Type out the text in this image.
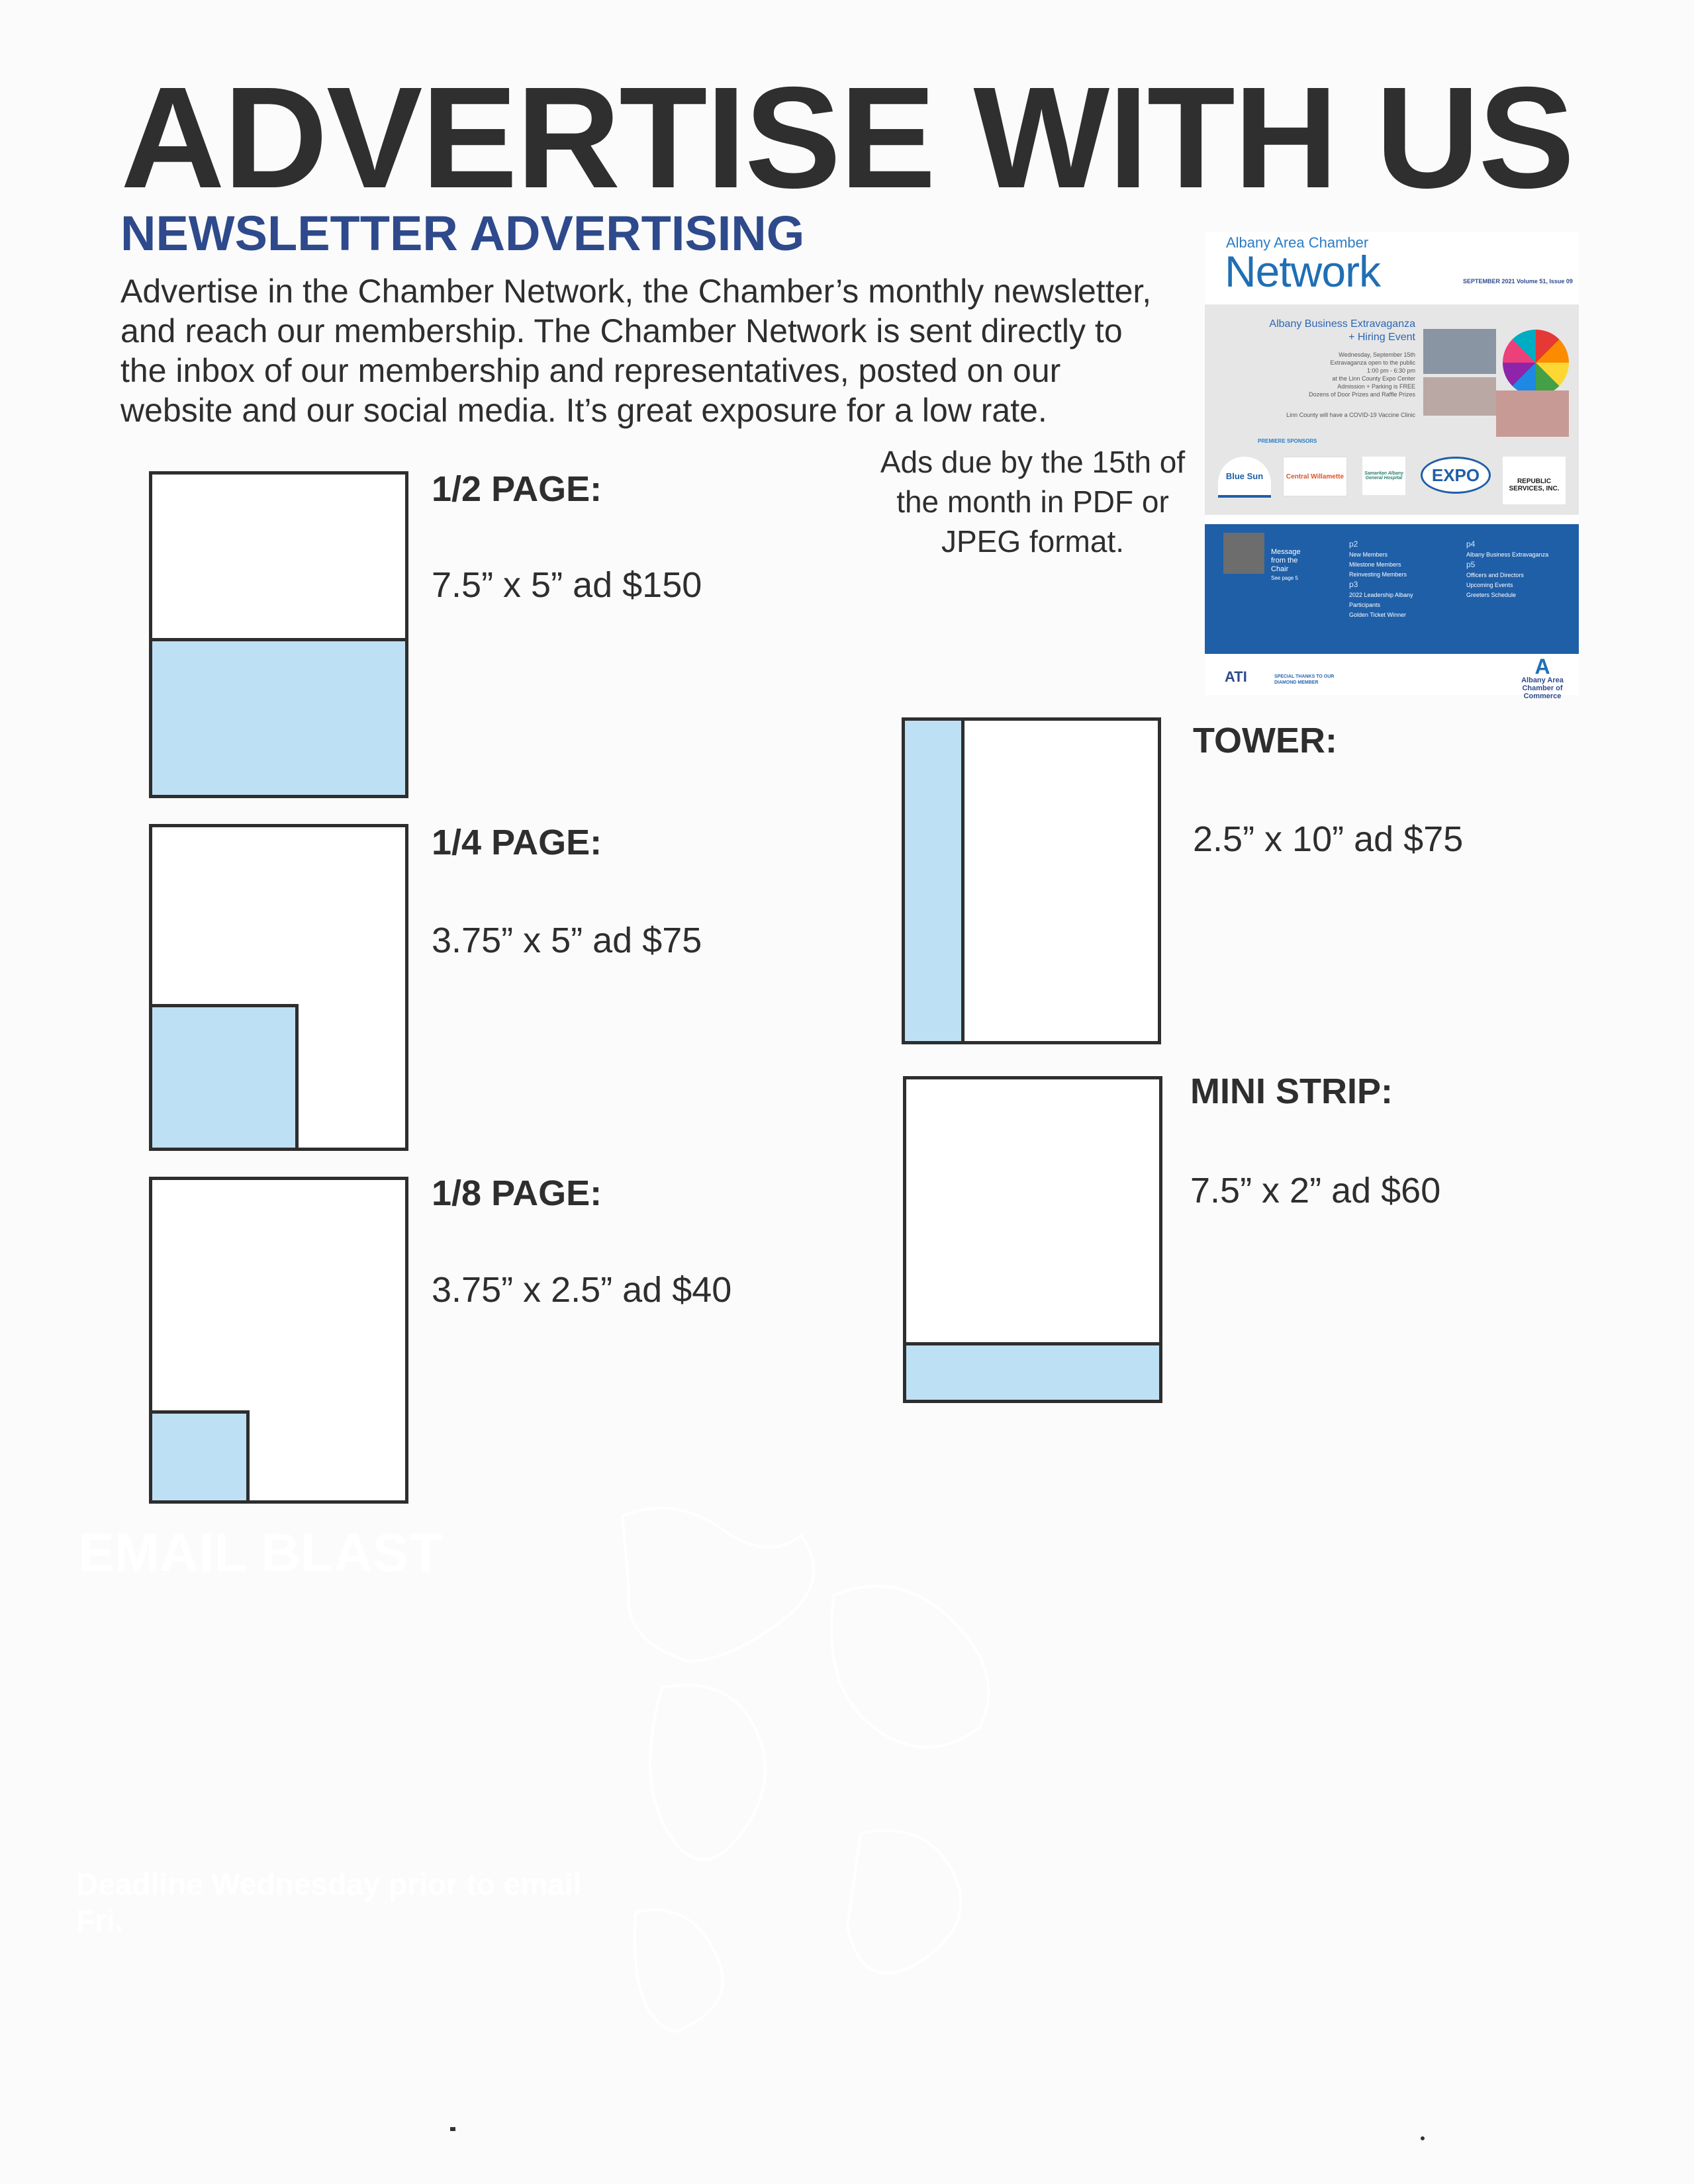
ADVERTISE WITH US
NEWSLETTER ADVERTISING
Advertise in the Chamber Network, the Chamber’s monthly newsletter,
and reach our membership. The Chamber Network is sent directly to
the inbox of our membership and representatives, posted on our
website and our social media. It’s great exposure for a low rate.
Ads due by the 15th of
the month in PDF or
JPEG format.
1/2 PAGE:
7.5” x 5” ad $150
1/4 PAGE:
3.75” x 5” ad $75
1/8 PAGE:
3.75” x 2.5” ad $40
TOWER:
2.5” x 10” ad $75
MINI STRIP:
7.5” x 2” ad $60
Albany Area Chamber
Network	SEPTEMBER 2021 Volume 51, Issue 09
Albany Business Extravaganza
+ Hiring Event
Wednesday, September 15th
Extravaganza open to the public
1:00 pm - 6:30 pm
at the Linn County Expo Center
Admission + Parking is FREE
Dozens of Door Prizes and Raffle Prizes
Linn County will have a COVID-19 Vaccine Clinic
PREMIERE SPONSORS
Blue Sun	Central Willamette	Samaritan Albany General Hospital	EXPO	REPUBLIC SERVICES, INC.
Message
from the
Chair
See page 5
p2
New Members
Milestone Members
Reinvesting Members
p3
2022 Leadership Albany
Participants
Golden Ticket Winner
p4
Albany Business Extravaganza
p5
Officers and Directors
Upcoming Events
Greeters Schedule
ATI	SPECIAL THANKS TO OUR
DIAMOND MEMBER
A
Albany Area
Chamber of Commerce
EMAIL BLAST
Deadline Wednesday prior to email
Fri.
